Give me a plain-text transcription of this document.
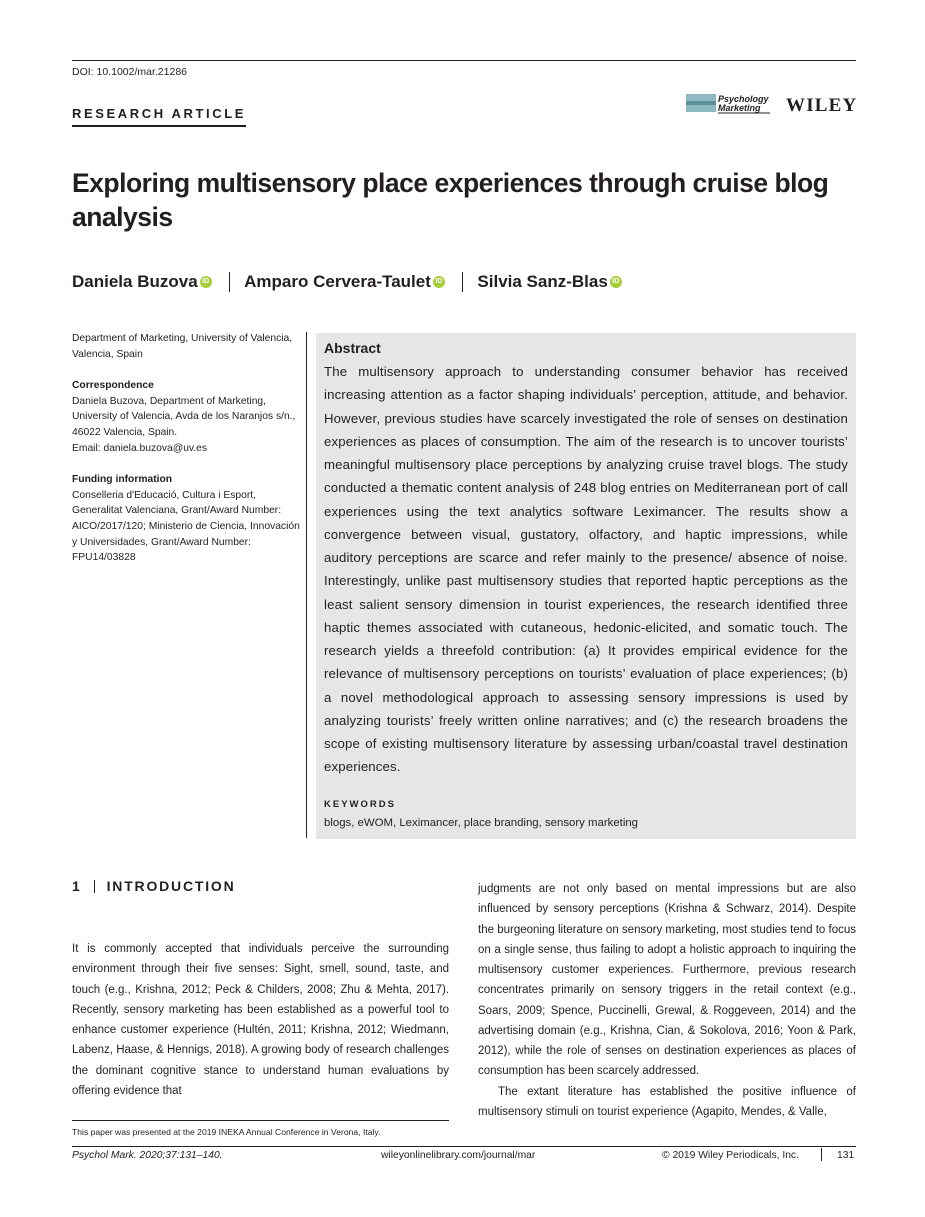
DOI: 10.1002/mar.21286
RESEARCH ARTICLE
Psychology
Marketing WILEY
Exploring multisensory place experiences through cruise blog analysis
Daniela Buzova ID Amparo Cervera-Taulet ID Silvia Sanz-Blas ID

Department of Marketing, University of Valencia, Valencia, Spain

Correspondence

Daniela Buzova, Department of Marketing, University of Valencia, Avda de los Naranjos s/n., 46022 Valencia, Spain.

Email: daniela.buzova@uv.es

Funding information

Conselleria d'Educació, Cultura i Esport, Generalitat Valenciana, Grant/Award Number: AICO/2017/120; Ministerio de Ciencia, Innovación y Universidades, Grant/Award Number: FPU14/03828

Abstract

The multisensory approach to understanding consumer behavior has received increasing attention as a factor shaping individuals’ perception, attitude, and behavior. However, previous studies have scarcely investigated the role of senses on destination experiences as places of consumption. The aim of the research is to uncover tourists’ meaningful multisensory place perceptions by analyzing cruise travel blogs. The study conducted a thematic content analysis of 248 blog entries on Mediterranean port of call experiences using the text analytics software Leximancer. The results show a convergence between visual, gustatory, olfactory, and haptic impressions, while auditory perceptions are scarce and refer mainly to the presence/ absence of noise. Interestingly, unlike past multisensory studies that reported haptic perceptions as the least salient sensory dimension in tourist experiences, the research identified three haptic themes associated with cutaneous, hedonic-elicited, and somatic touch. The research yields a threefold contribution: (a) It provides empirical evidence for the relevance of multisensory perceptions on tourists’ evaluation of place experiences; (b) a novel methodological approach to assessing sensory impressions is used by analyzing tourists’ freely written online narratives; and (c) the research broadens the scope of existing multisensory literature by assessing urban/coastal travel destination experiences.

KEYWORDS
blogs, eWOM, Leximancer, place branding, sensory marketing
1 INTRODUCTION

It is commonly accepted that individuals perceive the surrounding environment through their five senses: Sight, smell, sound, taste, and touch (e.g., Krishna, 2012; Peck & Childers, 2008; Zhu & Mehta, 2017). Recently, sensory marketing has been established as a powerful tool to enhance customer experience (Hultén, 2011; Krishna, 2012; Wiedmann, Labenz, Haase, & Hennigs, 2018). A growing body of research challenges the dominant cognitive stance to understand human evaluations by offering evidence that

judgments are not only based on mental impressions but are also influenced by sensory perceptions (Krishna & Schwarz, 2014). Despite the burgeoning literature on sensory marketing, most studies tend to focus on a single sense, thus failing to adopt a holistic approach to inquiring the multisensory customer experiences. Furthermore, previous research concentrates primarily on sensory triggers in the retail context (e.g., Soars, 2009; Spence, Puccinelli, Grewal, & Roggeveen, 2014) and the advertising domain (e.g., Krishna, Cian, & Sokolova, 2016; Yoon & Park, 2012), while the role of senses on destination experiences as places of consumption has been scarcely addressed.

The extant literature has established the positive influence of multisensory stimuli on tourist experience (Agapito, Mendes, & Valle,

This paper was presented at the 2019 INEKA Annual Conference in Verona, Italy.
Psychol Mark. 2020;37:131–140.	wileyonlinelibrary.com/journal/mar	© 2019 Wiley Periodicals, Inc.	131
